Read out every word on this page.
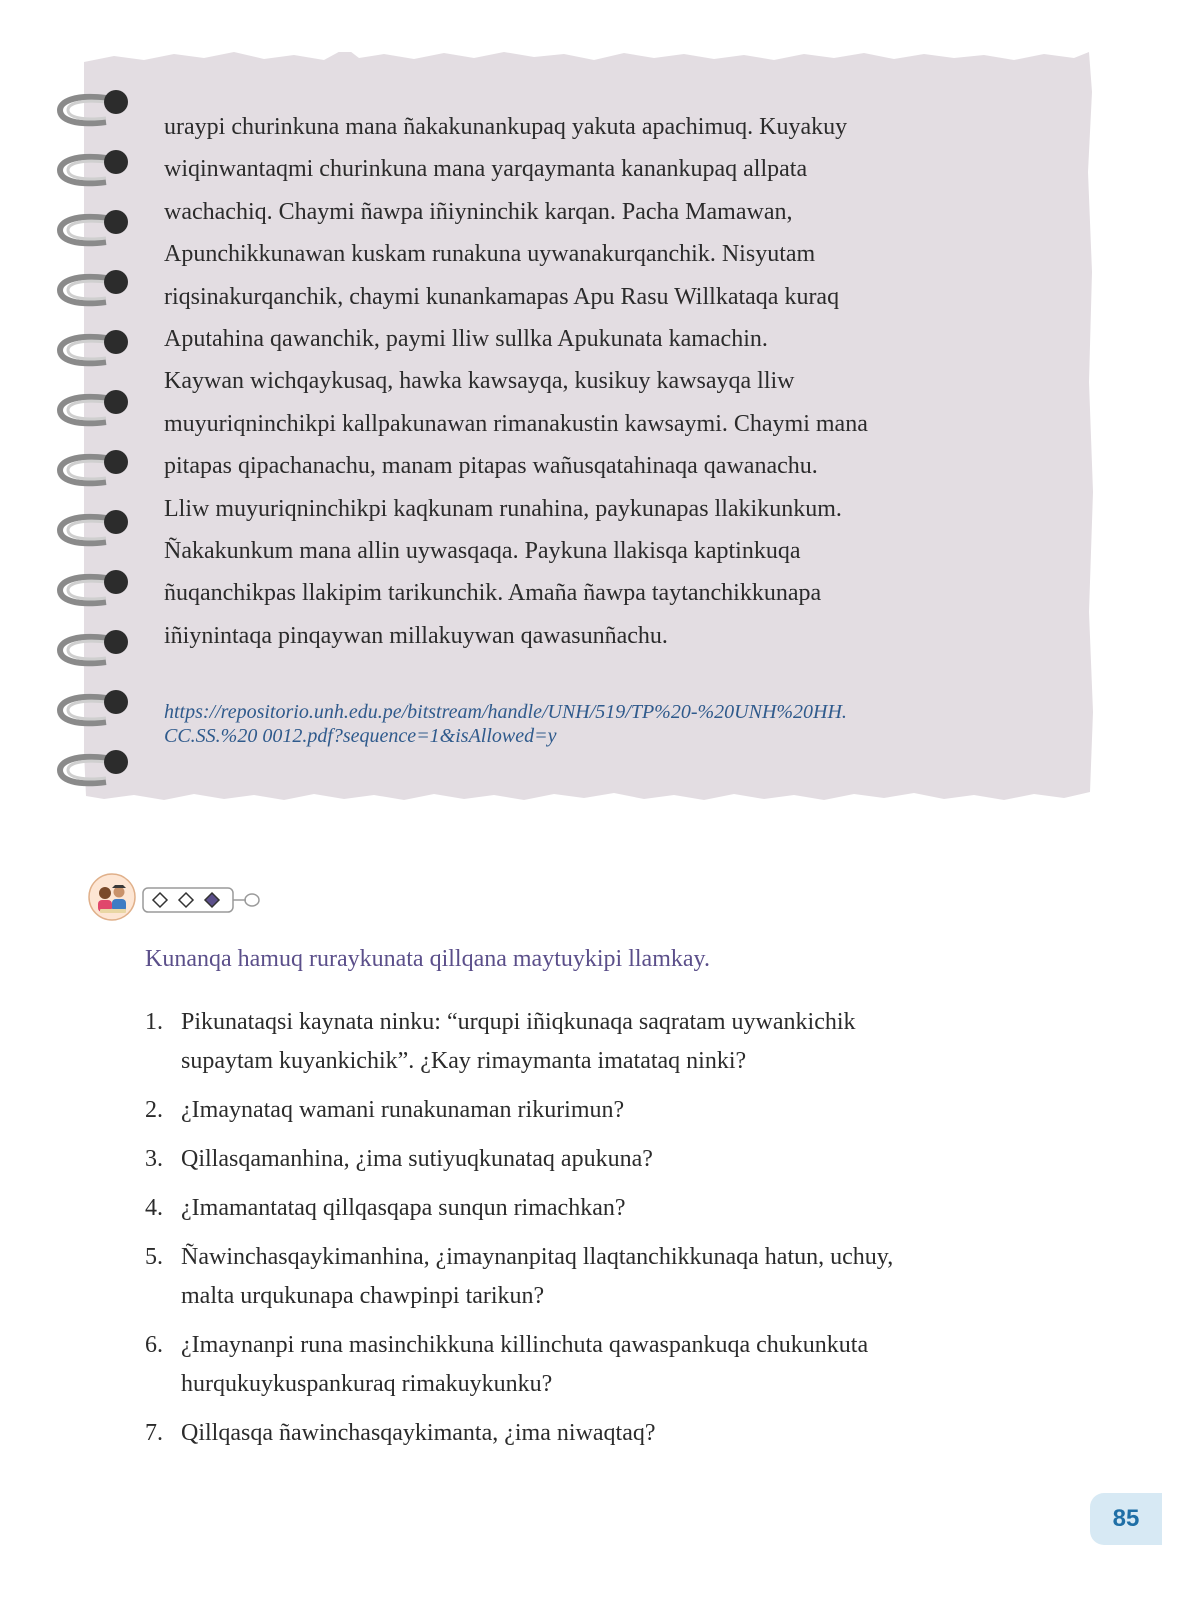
uraypi churinkuna mana ñakakunankupaq yakuta apachimuq. Kuyakuy

wiqinwantaqmi churinkuna mana yarqaymanta kanankupaq allpata

wachachiq. Chaymi ñawpa iñiyninchik karqan. Pacha Mamawan,

Apunchikkunawan kuskam runakuna uywanakurqanchik. Nisyutam

riqsinakurqanchik, chaymi kunankamapas Apu Rasu Willkataqa kuraq

Aputahina qawanchik, paymi lliw sullka Apukunata kamachin.

Kaywan wichqaykusaq, hawka kawsayqa, kusikuy kawsayqa lliw

muyuriqninchikpi kallpakunawan rimanakustin kawsaymi. Chaymi mana

pitapas qipachanachu, manam pitapas wañusqatahinaqa qawanachu.

Lliw muyuriqninchikpi kaqkunam runahina, paykunapas llakikunkum.

Ñakakunkum mana allin uywasqaqa. Paykuna llakisqa kaptinkuqa

ñuqanchikpas llakipim tarikunchik. Amaña ñawpa taytanchikkunapa

iñiynintaqa pinqaywan millakuywan qawasunñachu.

https://repositorio.unh.edu.pe/bitstream/handle/UNH/519/TP%20-%20UNH%20HH.
CC.SS.%20 0012.pdf?sequence=1&isAllowed=y
Kunanqa hamuq ruraykunata qillqana maytuykipi llamkay.
1. Pikunataqsi kaynata ninku: “urqupi iñiqkunaqa saqratam uywankichik
supaytam kuyankichik”. ¿Kay rimaymanta imatataq ninki?
2. ¿Imaynataq wamani runakunaman rikurimun?
3. Qillasqamanhina, ¿ima sutiyuqkunataq apukuna?
4. ¿Imamantataq qillqasqapa sunqun rimachkan?
5. Ñawinchasqaykimanhina, ¿imaynanpitaq llaqtanchikkunaqa hatun, uchuy,
malta urqukunapa chawpinpi tarikun?
6. ¿Imaynanpi runa masinchikkuna killinchuta qawaspankuqa chukunkuta
hurqukuykuspankuraq rimakuykunku?
7. Qillqasqa ñawinchasqaykimanta, ¿ima niwaqtaq?
85
